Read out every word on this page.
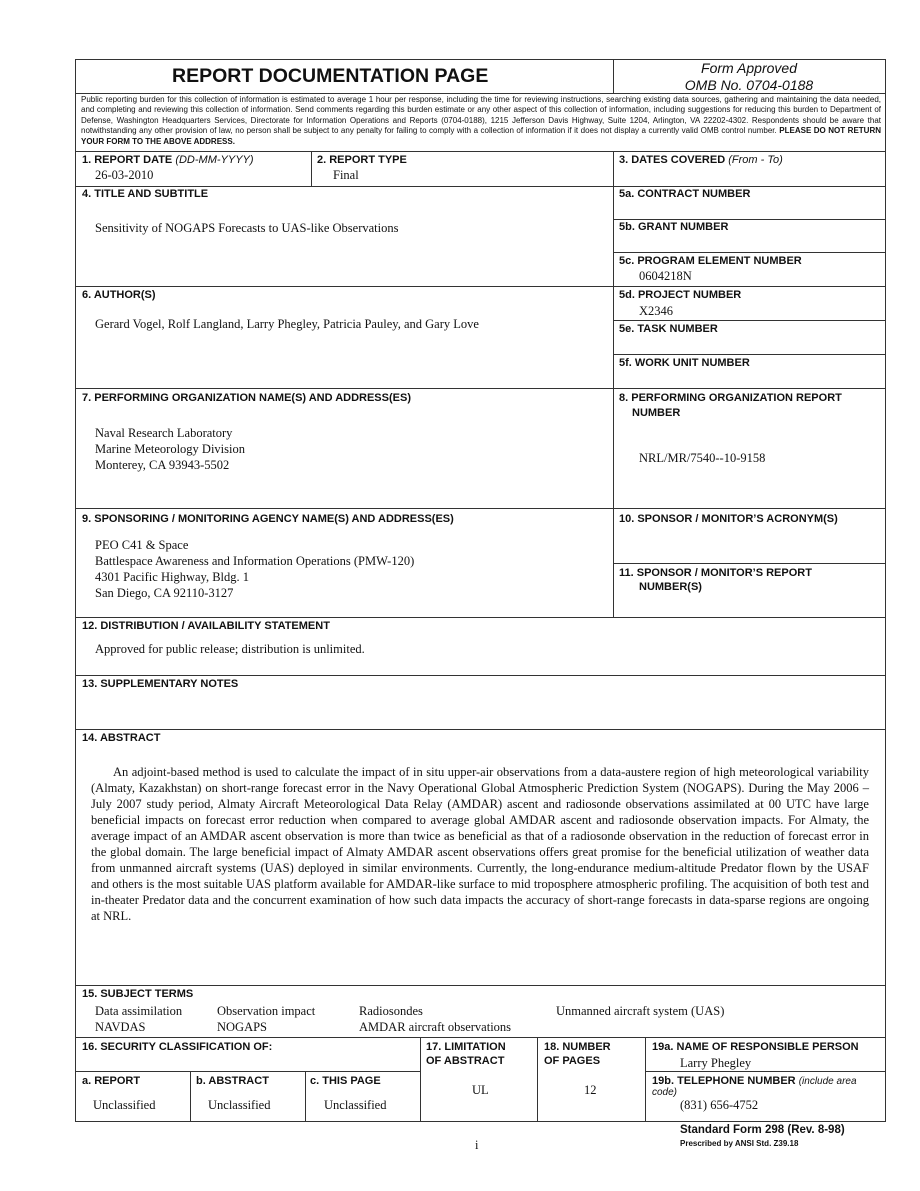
REPORT DOCUMENTATION PAGE	Form Approved
OMB No. 0704-0188
Public reporting burden for this collection of information is estimated to average 1 hour per response, including the time for reviewing instructions, searching existing data sources, gathering and maintaining the data needed, and completing and reviewing this collection of information. Send comments regarding this burden estimate or any other aspect of this collection of information, including suggestions for reducing this burden to Department of Defense, Washington Headquarters Services, Directorate for Information Operations and Reports (0704-0188), 1215 Jefferson Davis Highway, Suite 1204, Arlington, VA 22202-4302. Respondents should be aware that notwithstanding any other provision of law, no person shall be subject to any penalty for failing to comply with a collection of information if it does not display a currently valid OMB control number. PLEASE DO NOT RETURN YOUR FORM TO THE ABOVE ADDRESS.
1. REPORT DATE (DD-MM-YYYY)
26-03-2010
2. REPORT TYPE
Final
3. DATES COVERED (From - To)
4. TITLE AND SUBTITLE
Sensitivity of NOGAPS Forecasts to UAS-like Observations
5a. CONTRACT NUMBER
5b. GRANT NUMBER
5c. PROGRAM ELEMENT NUMBER
0604218N
6. AUTHOR(S)
Gerard Vogel, Rolf Langland, Larry Phegley, Patricia Pauley, and Gary Love
5d. PROJECT NUMBER
X2346
5e. TASK NUMBER
5f. WORK UNIT NUMBER
7. PERFORMING ORGANIZATION NAME(S) AND ADDRESS(ES)
Naval Research Laboratory
Marine Meteorology Division
Monterey, CA 93943-5502
8. PERFORMING ORGANIZATION REPORT
NUMBER
NRL/MR/7540--10-9158
9. SPONSORING / MONITORING AGENCY NAME(S) AND ADDRESS(ES)
PEO C41 & Space
Battlespace Awareness and Information Operations (PMW-120)
4301 Pacific Highway, Bldg. 1
San Diego, CA 92110-3127
10. SPONSOR / MONITOR’S ACRONYM(S)
11. SPONSOR / MONITOR’S REPORT
NUMBER(S)
12. DISTRIBUTION / AVAILABILITY STATEMENT
Approved for public release; distribution is unlimited.
13. SUPPLEMENTARY NOTES
14. ABSTRACT
An adjoint-based method is used to calculate the impact of in situ upper-air observations from a data-austere region of high meteorological variability (Almaty, Kazakhstan) on short-range forecast error in the Navy Operational Global Atmospheric Prediction System (NOGAPS). During the May 2006 – July 2007 study period, Almaty Aircraft Meteorological Data Relay (AMDAR) ascent and radiosonde observations assimilated at 00 UTC have large beneficial impacts on forecast error reduction when compared to average global AMDAR ascent and radiosonde observation impacts. For Almaty, the average impact of an AMDAR ascent observation is more than twice as beneficial as that of a radiosonde observation in the reduction of forecast error in the global domain. The large beneficial impact of Almaty AMDAR ascent observations offers great promise for the beneficial utilization of weather data from unmanned aircraft systems (UAS) deployed in similar environments. Currently, the long-endurance medium-altitude Predator flown by the USAF and others is the most suitable UAS platform available for AMDAR-like surface to mid troposphere atmospheric profiling. The acquisition of both test and in-theater Predator data and the concurrent examination of how such data impacts the accuracy of short-range forecasts in data-sparse regions are ongoing at NRL.
15. SUBJECT TERMS
Data assimilation	Observation impact	Radiosondes	Unmanned aircraft system (UAS)
NAVDAS	NOGAPS	AMDAR aircraft observations
16. SECURITY CLASSIFICATION OF:	17. LIMITATION
OF ABSTRACT
UL
18. NUMBER
OF PAGES
12
19a. NAME OF RESPONSIBLE PERSON
Larry Phegley
a. REPORT
Unclassified
b. ABSTRACT
Unclassified
c. THIS PAGE
Unclassified
19b. TELEPHONE NUMBER (include area
code)
(831) 656-4752
i
Standard Form 298 (Rev. 8-98)
Prescribed by ANSI Std. Z39.18
